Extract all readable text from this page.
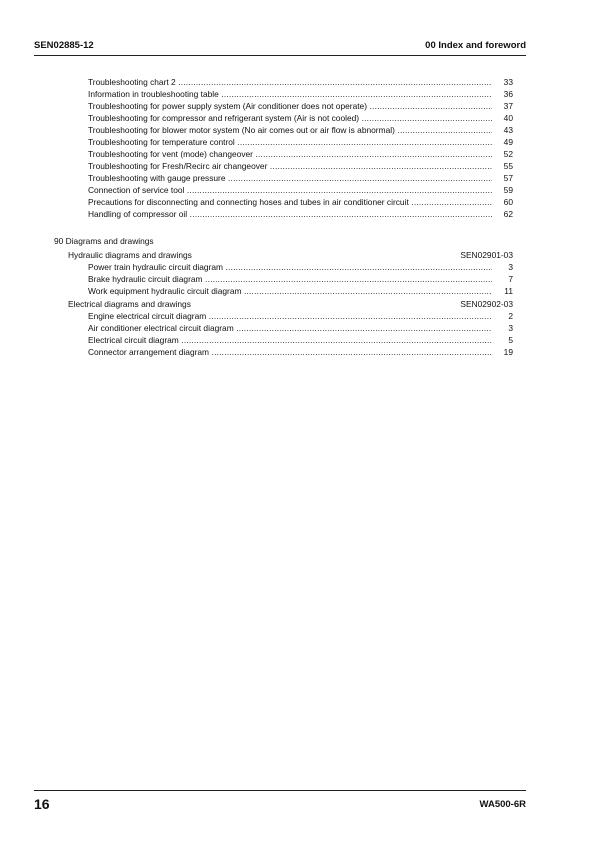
SEN02885-12	00 Index and foreword
Troubleshooting chart 2 .....	33
Information in troubleshooting table .....	36
Troubleshooting for power supply system (Air conditioner does not operate) .....	37
Troubleshooting for compressor and refrigerant system (Air is not cooled) .....	40
Troubleshooting for blower motor system (No air comes out or air flow is abnormal) .....	43
Troubleshooting for temperature control .....	49
Troubleshooting for vent (mode) changeover .....	52
Troubleshooting for Fresh/Recirc air changeover .....	55
Troubleshooting with gauge pressure .....	57
Connection of service tool .....	59
Precautions for disconnecting and connecting hoses and tubes in air conditioner circuit .....	60
Handling of compressor oil .....	62
90 Diagrams and drawings
Hydraulic diagrams and drawings	SEN02901-03
Power train hydraulic circuit diagram .....	3
Brake hydraulic circuit diagram .....	7
Work equipment hydraulic circuit diagram .....	11
Electrical diagrams and drawings	SEN02902-03
Engine electrical circuit diagram .....	2
Air conditioner electrical circuit diagram .....	3
Electrical circuit diagram .....	5
Connector arrangement diagram .....	19
16	WA500-6R
